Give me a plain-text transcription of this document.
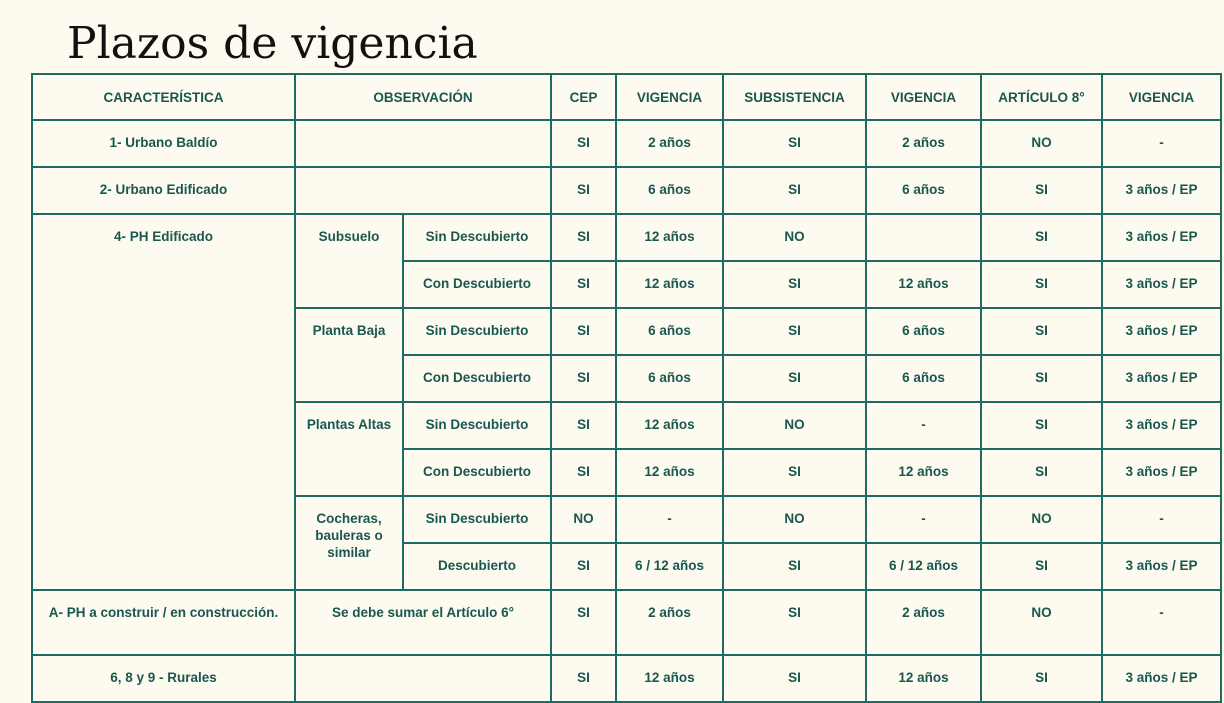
Plazos de vigencia
CARACTERÍSTICA	OBSERVACIÓN		CEP	VIGENCIA	SUBSISTENCIA	VIGENCIA	ARTÍCULO 8°	VIGENCIA
1- Urbano Baldío			SI	2 años	SI	2 años	NO	-
2- Urbano Edificado			SI	6 años	SI	6 años	SI	3 años / EP
4- PH Edificado	Subsuelo	Sin Descubierto	SI	12 años	NO		SI	3 años / EP
		Con Descubierto	SI	12 años	SI	12 años	SI	3 años / EP
	Planta Baja	Sin Descubierto	SI	6 años	SI	6 años	SI	3 años / EP
		Con Descubierto	SI	6 años	SI	6 años	SI	3 años / EP
	Plantas Altas	Sin Descubierto	SI	12 años	NO	-	SI	3 años / EP
		Con Descubierto	SI	12 años	SI	12 años	SI	3 años / EP
	Cocheras, bauleras o similar	Sin Descubierto	NO	-	NO	-	NO	-
		Descubierto	SI	6 / 12 años	SI	6 / 12 años	SI	3 años / EP
A- PH a construir / en construcción.	Se debe sumar el Artículo 6°		SI	2 años	SI	2 años	NO	-
6, 8 y 9 - Rurales			SI	12 años	SI	12 años	SI	3 años / EP
